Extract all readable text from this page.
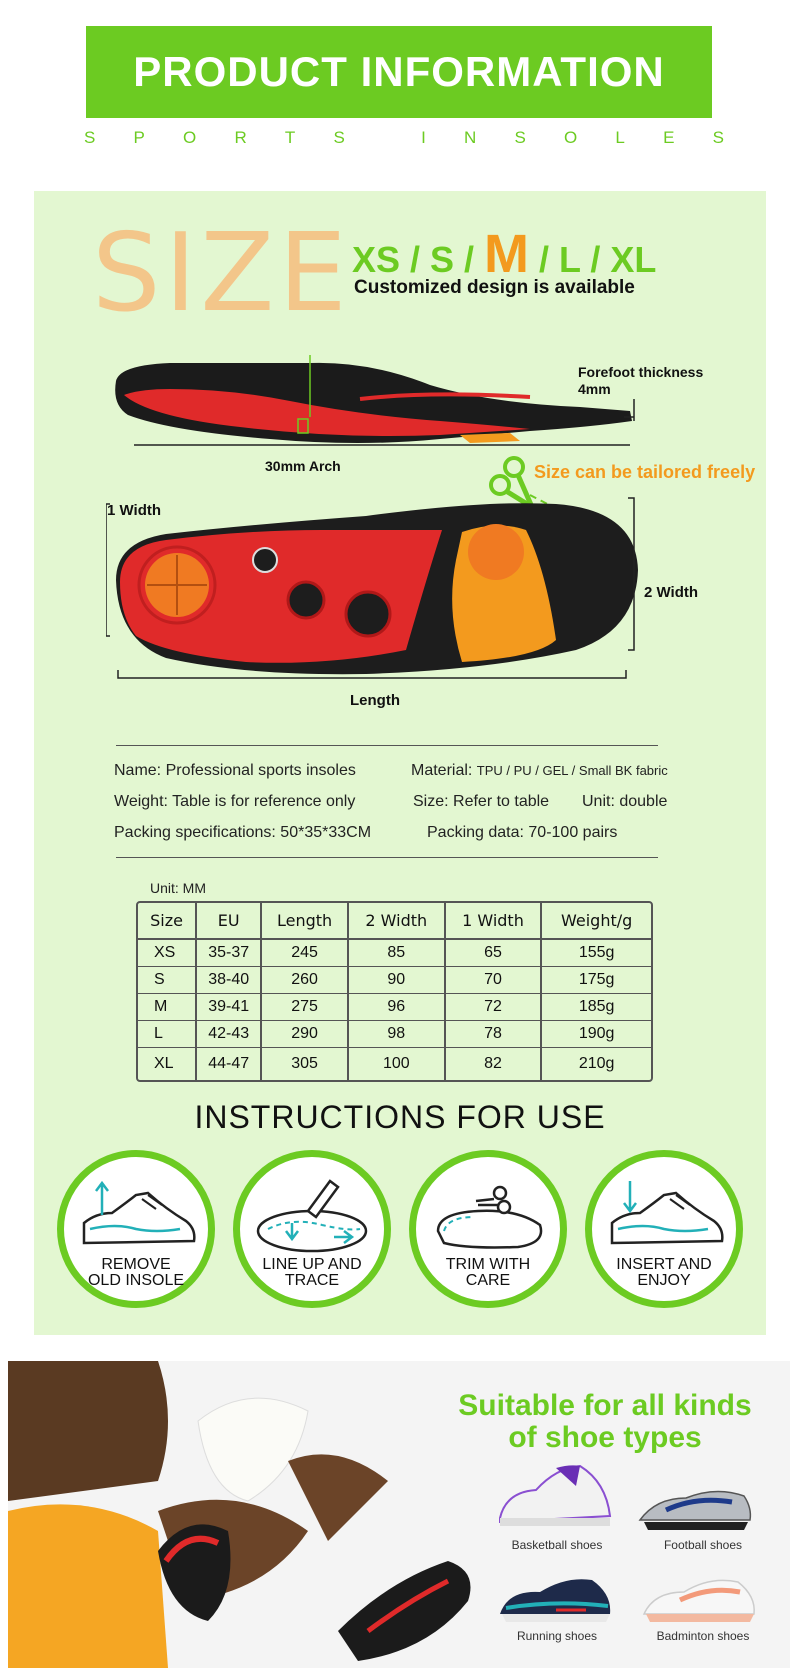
PRODUCT INFORMATION
S P O R T S	I N S O L E S
SIZE XS / S / M / L / XL
Customized design is available
Forefoot thickness
4mm
30mm Arch	Size can be tailored freely
1 Width
2 Width
Length
Name: Professional sports insoles	Material: TPU / PU / GEL / Small BK fabric
Weight: Table is for reference only	Size: Refer to table Unit: double
Packing specifications: 50*35*33CM	Packing data: 70-100 pairs
Unit: MM
Size	EU	Length	2 Width	1 Width	Weight/g
XS	35-37	245	85	65	155g
S	38-40	260	90	70	175g
M	39-41	275	96	72	185g
L	42-43	290	98	78	190g
XL	44-47	305	100	82	210g
INSTRUCTIONS FOR USE
REMOVE
OLD INSOLE
LINE UP AND
TRACE
TRIM WITH
CARE
INSERT AND
ENJOY
Suitable for all kinds
of shoe types
Basketball shoes	Football shoes
Running shoes	Badminton shoes
